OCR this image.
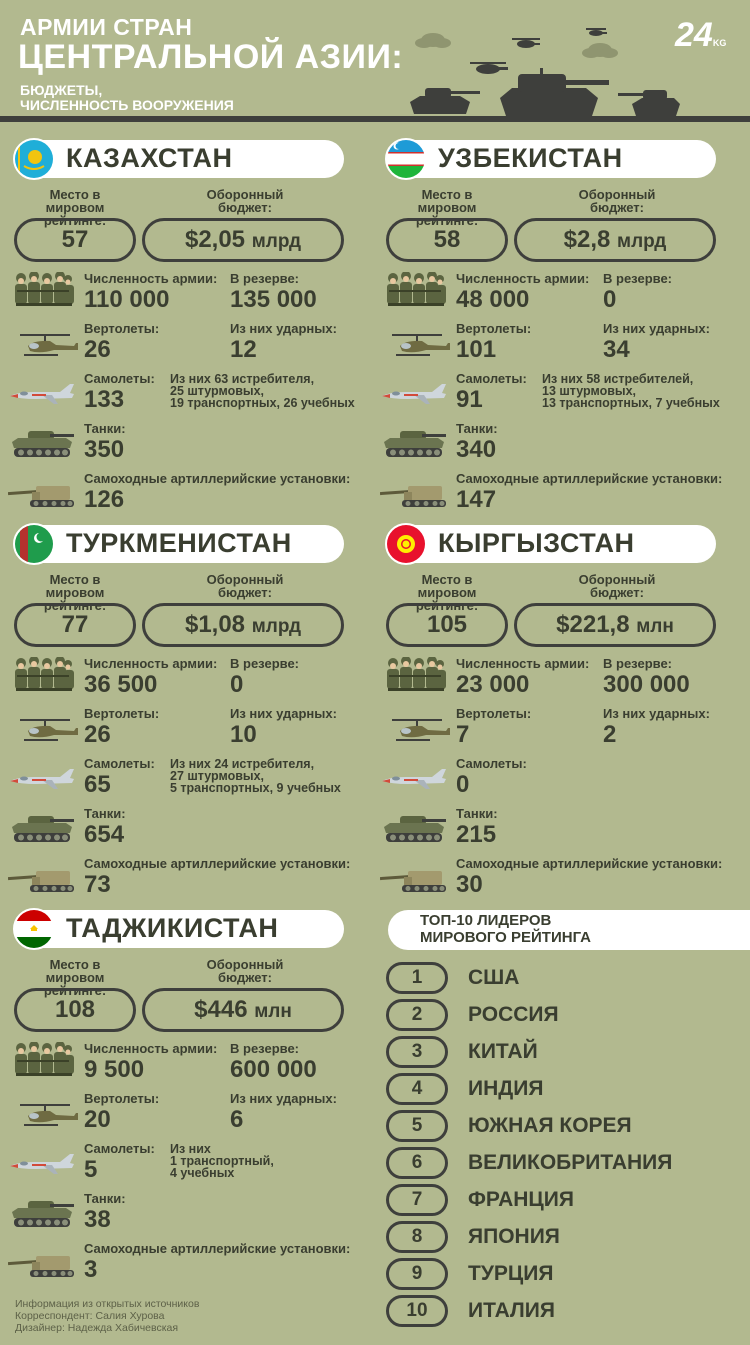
АРМИИ СТРАН
ЦЕНТРАЛЬНОЙ АЗИИ:
БЮДЖЕТЫ,
ЧИСЛЕННОСТЬ ВООРУЖЕНИЯ
24KG
КАЗАХСТАН
Место в мировом
рейтинге:
Оборонный
бюджет:
57	$2,05 млрд
Численность армии:
110 000
В резерве:
135 000
Вертолеты:
26
Из них ударных:
12
Самолеты:
133
Из них 63 истребителя,
25 штурмовых,
19 транспортных, 26 учебных
Танки:
350
Самоходные артиллерийские установки:
126
УЗБЕКИСТАН
Место в мировом
рейтинге:
Оборонный
бюджет:
58	$2,8 млрд
Численность армии:
48 000
В резерве:
0
Вертолеты:
101
Из них ударных:
34
Самолеты:
91
Из них 58 истребителей,
13 штурмовых,
13 транспортных, 7 учебных
Танки:
340
Самоходные артиллерийские установки:
147
ТУРКМЕНИСТАН
Место в мировом
рейтинге:
Оборонный
бюджет:
77	$1,08 млрд
Численность армии:
36 500
В резерве:
0
Вертолеты:
26
Из них ударных:
10
Самолеты:
65
Из них 24 истребителя,
27 штурмовых,
5 транспортных, 9 учебных
Танки:
654
Самоходные артиллерийские установки:
73
КЫРГЫЗСТАН
Место в мировом
рейтинге:
Оборонный
бюджет:
105	$221,8 млн
Численность армии:
23 000
В резерве:
300 000
Вертолеты:
7
Из них ударных:
2
Самолеты:
0
Танки:
215
Самоходные артиллерийские установки:
30
ТАДЖИКИСТАН
Место в мировом
рейтинге:
Оборонный
бюджет:
108	$446 млн
Численность армии:
9 500
В резерве:
600 000
Вертолеты:
20
Из них ударных:
6
Самолеты:
5
Из них
1 транспортный,
4 учебных
Танки:
38
Самоходные артиллерийские установки:
3
ТОП-10 ЛИДЕРОВ
МИРОВОГО РЕЙТИНГА
1	США
2	РОССИЯ
3	КИТАЙ
4	ИНДИЯ
5	ЮЖНАЯ КОРЕЯ
6	ВЕЛИКОБРИТАНИЯ
7	ФРАНЦИЯ
8	ЯПОНИЯ
9	ТУРЦИЯ
10	ИТАЛИЯ
Информация из открытых источников
Корреспондент: Салия Хурова
Дизайнер: Надежда Хабичевская
